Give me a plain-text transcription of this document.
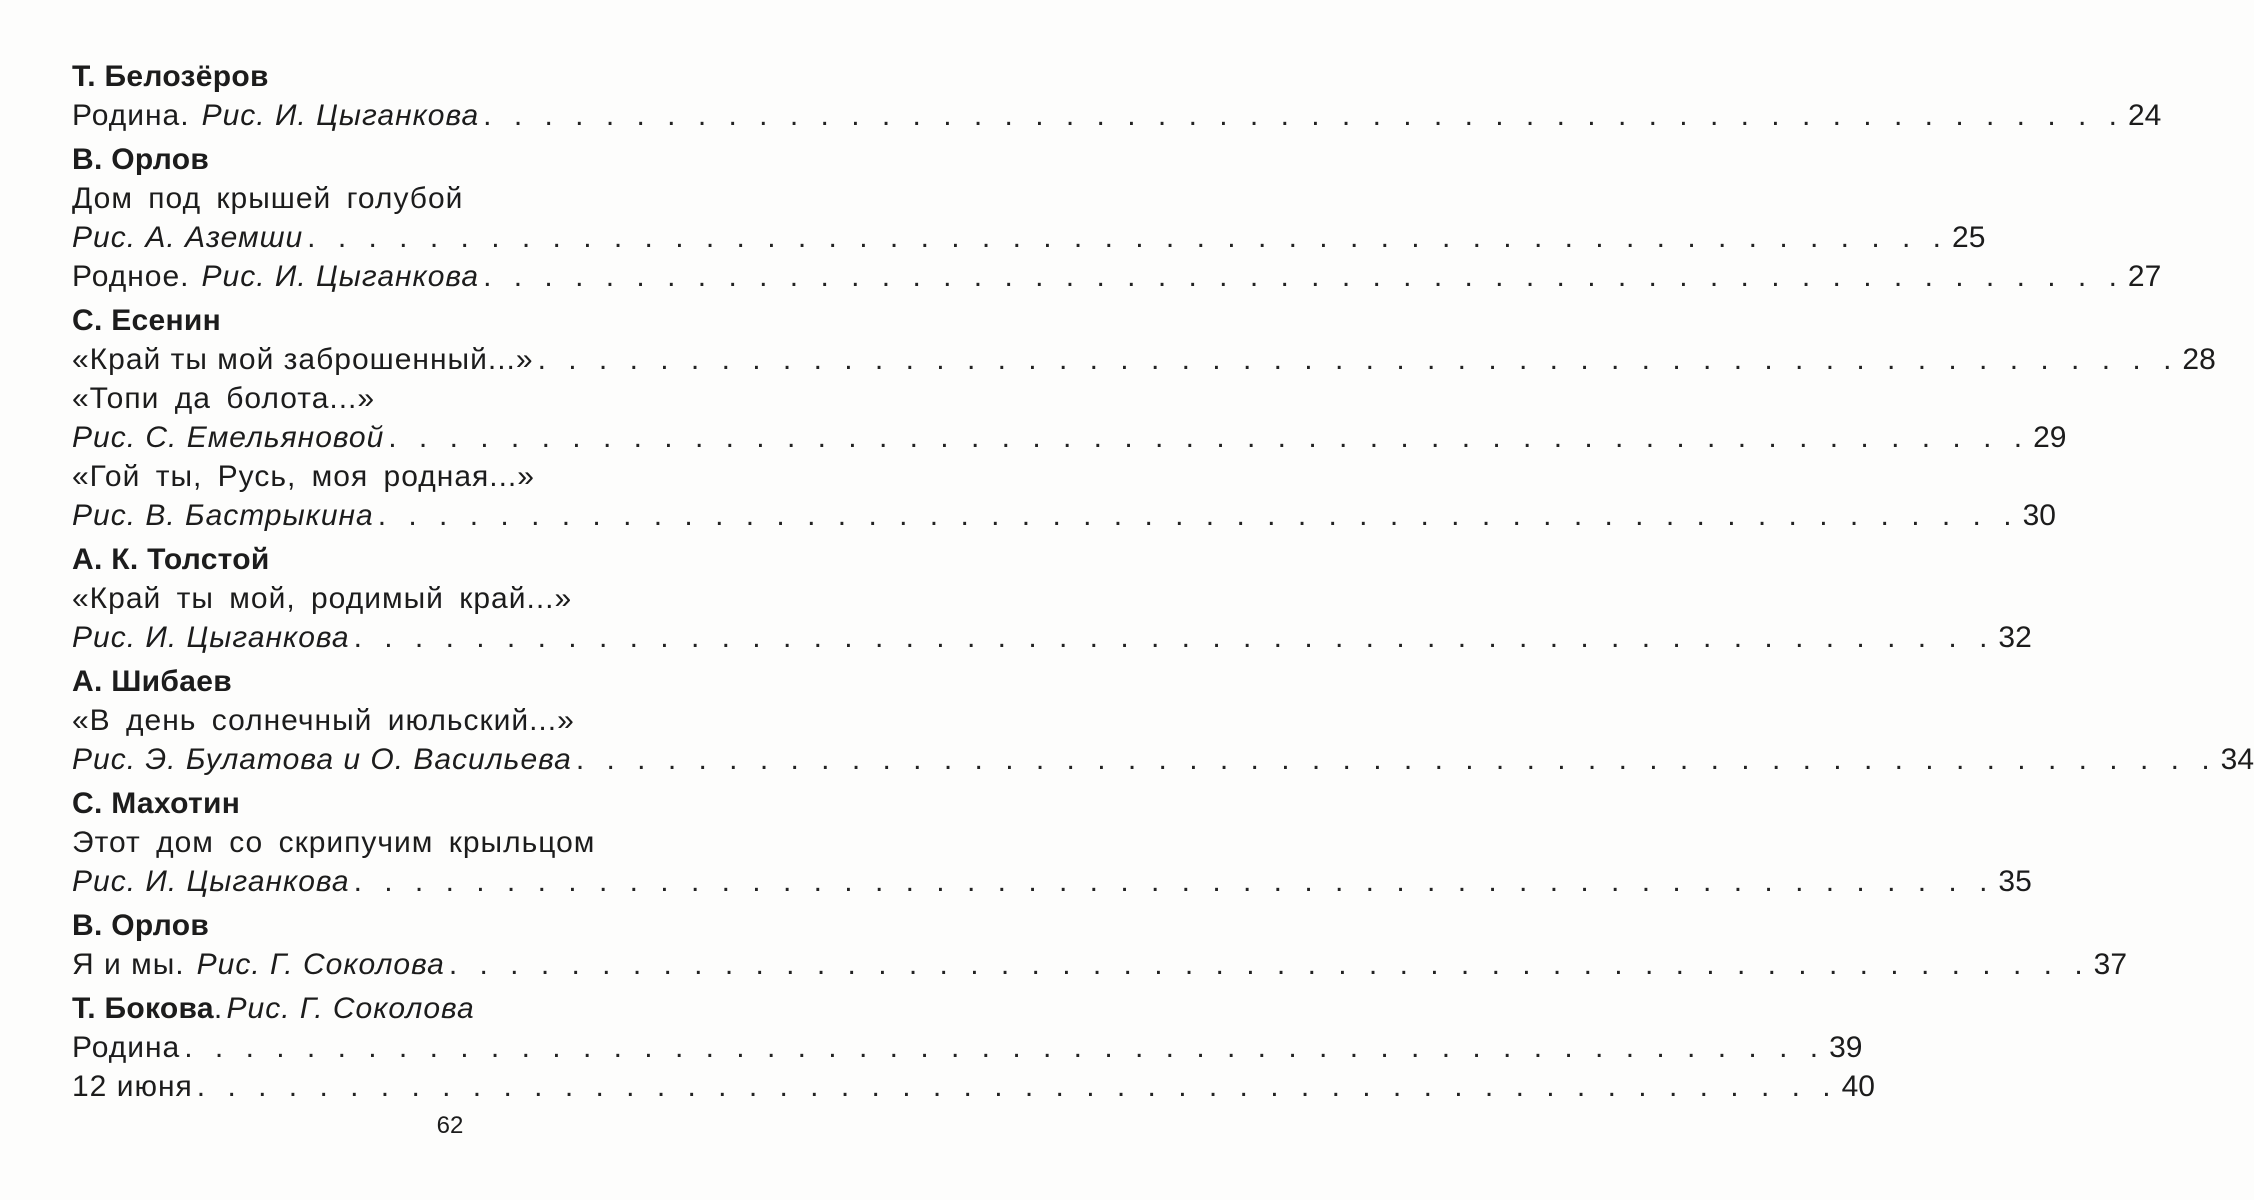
Т. Белозёров
Родина. Рис. И. Цыганкова . . . . . . . . . . . . . . . . . . . . . . . . . . . . . . . . . . . . . . . . . . . . . . . . . . . . . . 24
В. Орлов
Дом под крышей голубой
Рис. А. Аземши . . . . . . . . . . . . . . . . . . . . . . . . . . . . . . . . . . . . . . . . . . . . . . . . . . . . . . 25
Родное. Рис. И. Цыганкова . . . . . . . . . . . . . . . . . . . . . . . . . . . . . . . . . . . . . . . . . . . . . . . . . . . . . . 27
С. Есенин
«Край ты мой заброшенный...» . . . . . . . . . . . . . . . . . . . . . . . . . . . . . . . . . . . . . . . . . . . . . . . . . . . . . . 28
«Топи да болота...»
Рис. С. Емельяновой . . . . . . . . . . . . . . . . . . . . . . . . . . . . . . . . . . . . . . . . . . . . . . . . . . . . . . 29
«Гой ты, Русь, моя родная...»
Рис. В. Бастрыкина . . . . . . . . . . . . . . . . . . . . . . . . . . . . . . . . . . . . . . . . . . . . . . . . . . . . . . 30
А. К. Толстой
«Край ты мой, родимый край...»
Рис. И. Цыганкова . . . . . . . . . . . . . . . . . . . . . . . . . . . . . . . . . . . . . . . . . . . . . . . . . . . . . . 32
А. Шибаев
«В день солнечный июльский...»
Рис. Э. Булатова и О. Васильева . . . . . . . . . . . . . . . . . . . . . . . . . . . . . . . . . . . . . . . . . . . . . . . . . . . . . . 34
С. Махотин
Этот дом со скрипучим крыльцом
Рис. И. Цыганкова . . . . . . . . . . . . . . . . . . . . . . . . . . . . . . . . . . . . . . . . . . . . . . . . . . . . . . 35
В. Орлов
Я и мы. Рис. Г. Соколова . . . . . . . . . . . . . . . . . . . . . . . . . . . . . . . . . . . . . . . . . . . . . . . . . . . . . . 37
Т. Бокова. Рис. Г. Соколова
Родина . . . . . . . . . . . . . . . . . . . . . . . . . . . . . . . . . . . . . . . . . . . . . . . . . . . . . . 39
12 июня . . . . . . . . . . . . . . . . . . . . . . . . . . . . . . . . . . . . . . . . . . . . . . . . . . . . . . 40
62
